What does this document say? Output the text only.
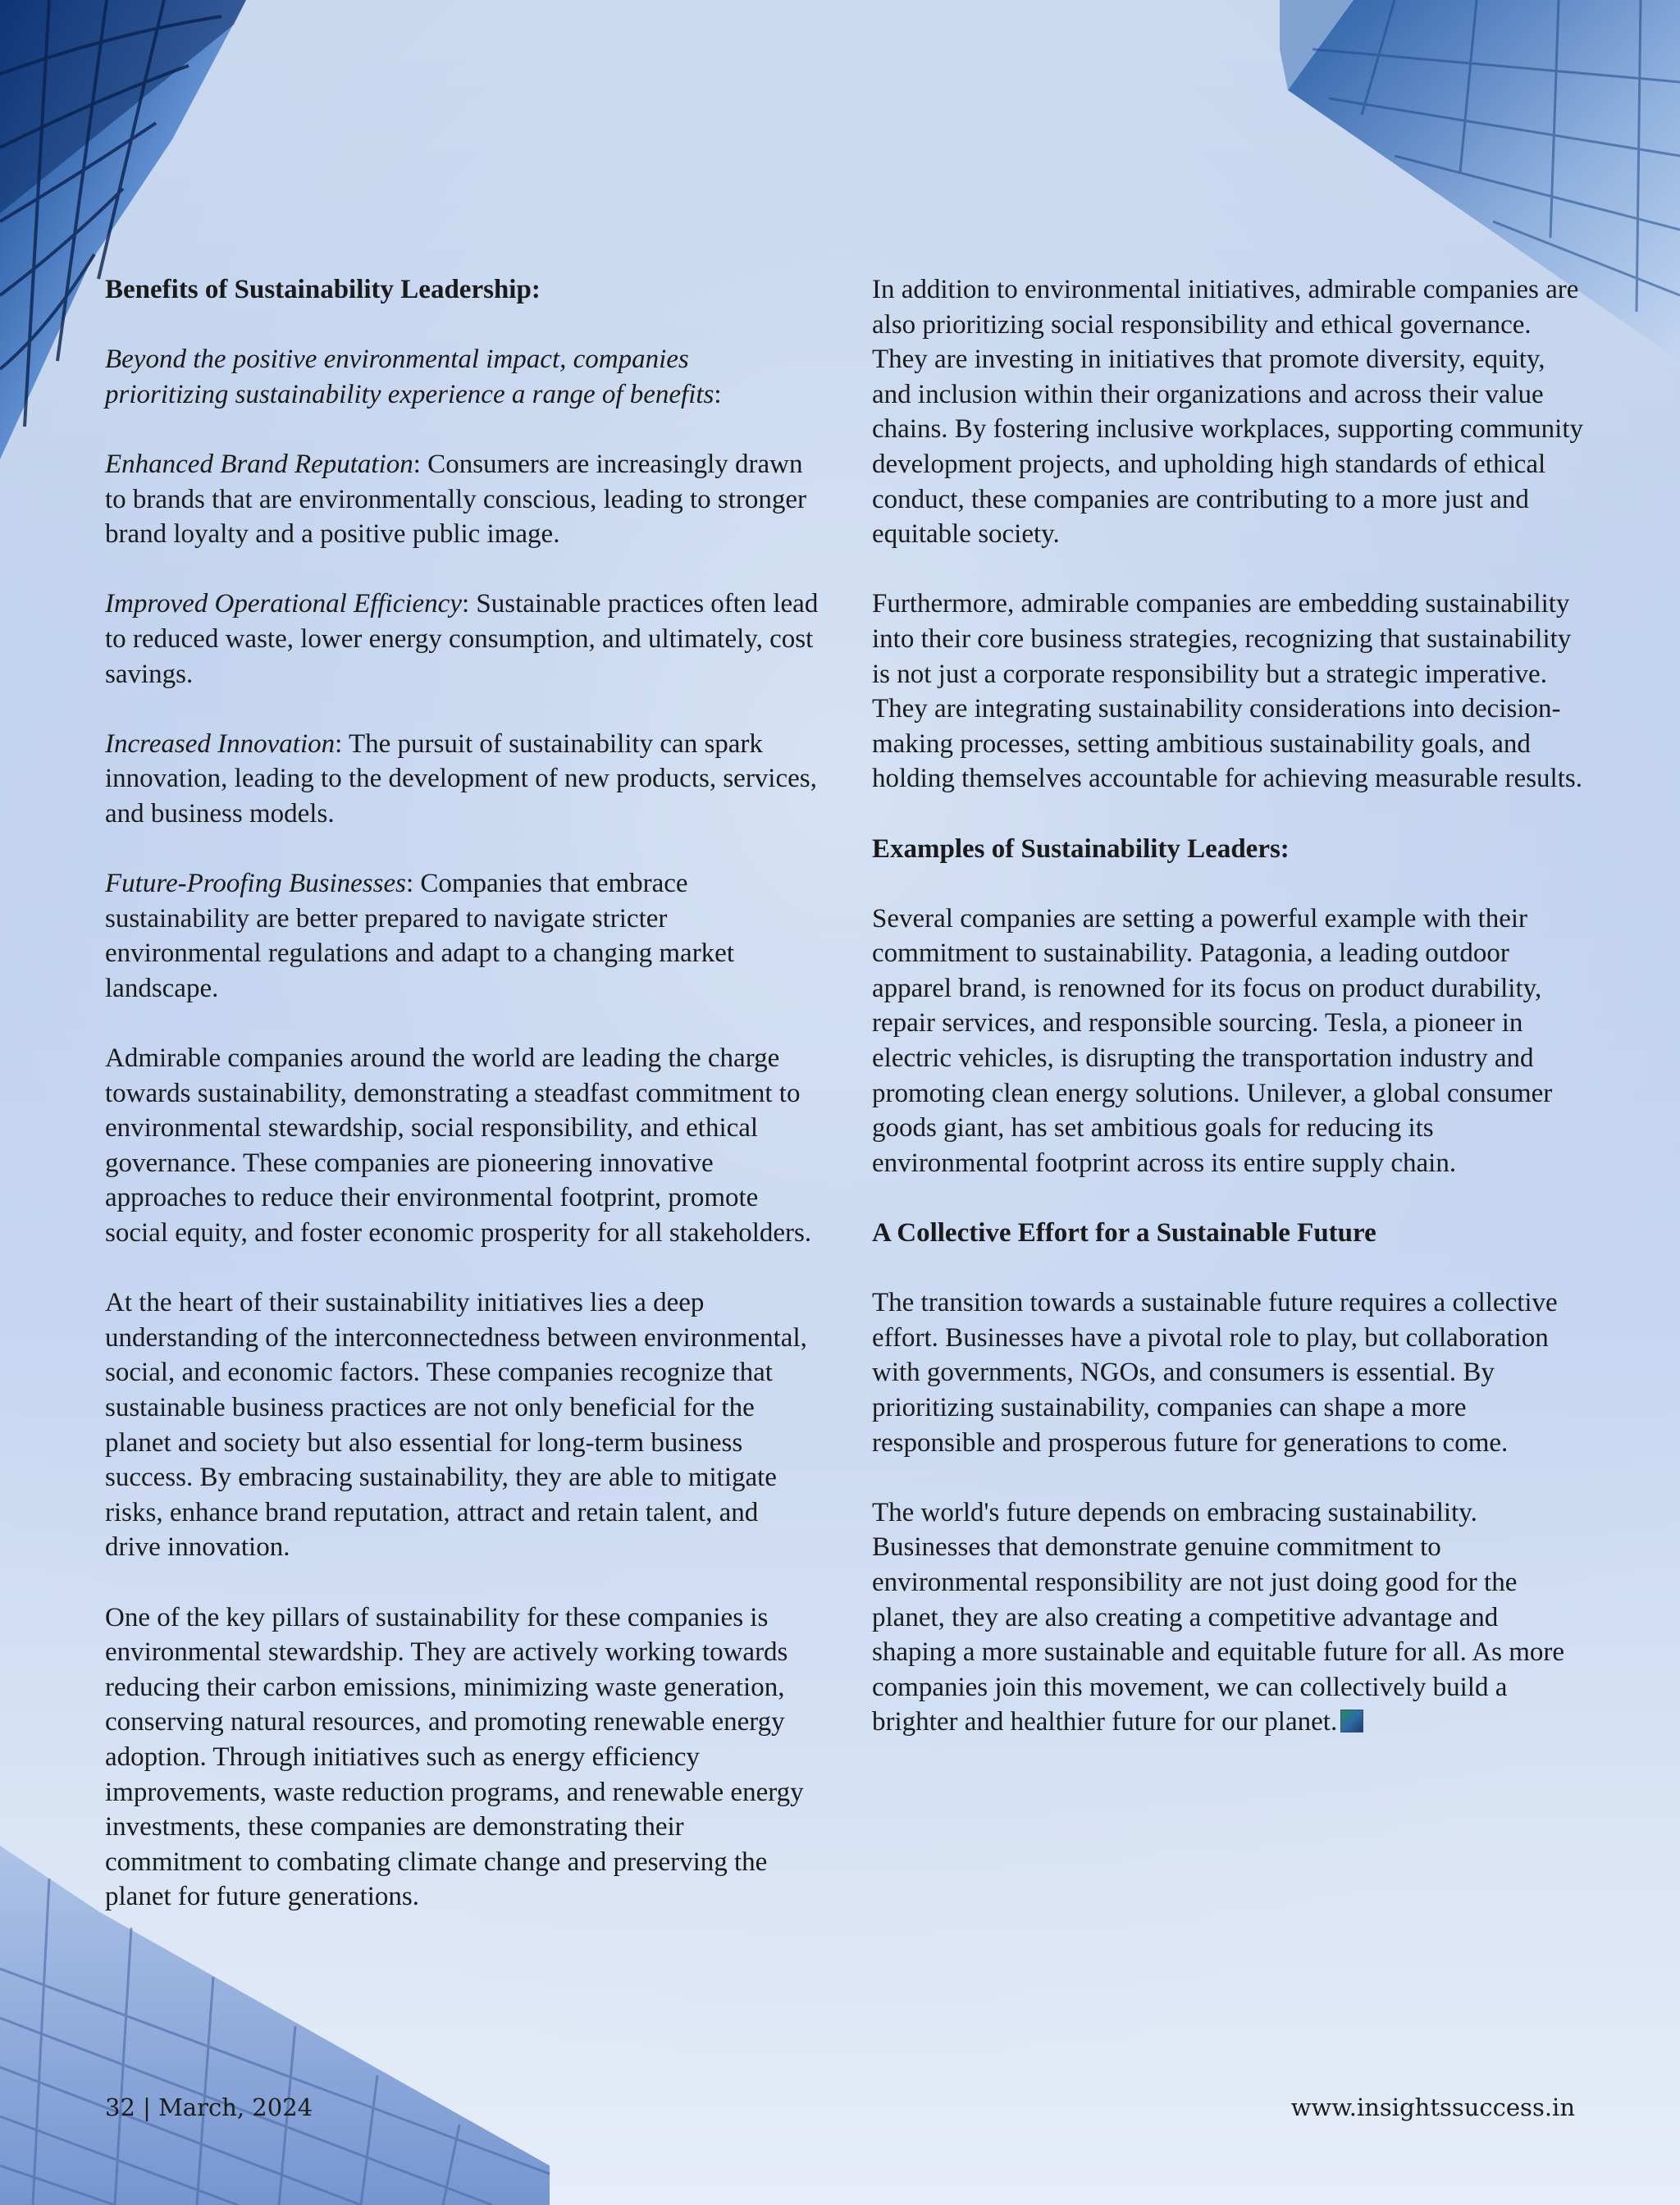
Benefits of Sustainability Leadership:

Beyond the positive environmental impact, companies prioritizing sustainability experience a range of benefits:

Enhanced Brand Reputation: Consumers are increasingly drawn to brands that are environmentally conscious, leading to stronger brand loyalty and a positive public image.

Improved Operational Efficiency: Sustainable practices often lead to reduced waste, lower energy consumption, and ultimately, cost savings.

Increased Innovation: The pursuit of sustainability can spark innovation, leading to the development of new products, services, and business models.

Future-Proofing Businesses: Companies that embrace sustainability are better prepared to navigate stricter environmental regulations and adapt to a changing market landscape.

Admirable companies around the world are leading the charge towards sustainability, demonstrating a steadfast commitment to environmental stewardship, social responsibility, and ethical governance. These companies are pioneering innovative approaches to reduce their environmental footprint, promote social equity, and foster economic prosperity for all stakeholders.

At the heart of their sustainability initiatives lies a deep understanding of the interconnectedness between environmental, social, and economic factors. These companies recognize that sustainable business practices are not only beneficial for the planet and society but also essential for long-term business success. By embracing sustainability, they are able to mitigate risks, enhance brand reputation, attract and retain talent, and drive innovation.

One of the key pillars of sustainability for these companies is environmental stewardship. They are actively working towards reducing their carbon emissions, minimizing waste generation, conserving natural resources, and promoting renewable energy adoption. Through initiatives such as energy efficiency improvements, waste reduction programs, and renewable energy investments, these companies are demonstrating their commitment to combating climate change and preserving the planet for future generations.

In addition to environmental initiatives, admirable companies are also prioritizing social responsibility and ethical governance. They are investing in initiatives that promote diversity, equity, and inclusion within their organizations and across their value chains. By fostering inclusive workplaces, supporting community development projects, and upholding high standards of ethical conduct, these companies are contributing to a more just and equitable society.

Furthermore, admirable companies are embedding sustainability into their core business strategies, recognizing that sustainability is not just a corporate responsibility but a strategic imperative. They are integrating sustainability considerations into decision-making processes, setting ambitious sustainability goals, and holding themselves accountable for achieving measurable results.

Examples of Sustainability Leaders:

Several companies are setting a powerful example with their commitment to sustainability. Patagonia, a leading outdoor apparel brand, is renowned for its focus on product durability, repair services, and responsible sourcing. Tesla, a pioneer in electric vehicles, is disrupting the transportation industry and promoting clean energy solutions. Unilever, a global consumer goods giant, has set ambitious goals for reducing its environmental footprint across its entire supply chain.

A Collective Effort for a Sustainable Future

The transition towards a sustainable future requires a collective effort. Businesses have a pivotal role to play, but collaboration with governments, NGOs, and consumers is essential. By prioritizing sustainability, companies can shape a more responsible and prosperous future for generations to come.

The world's future depends on embracing sustainability. Businesses that demonstrate genuine commitment to environmental responsibility are not just doing good for the planet, they are also creating a competitive advantage and shaping a more sustainable and equitable future for all. As more companies join this movement, we can collectively build a brighter and healthier future for our planet.

32 | March, 2024	www.insightssuccess.in
